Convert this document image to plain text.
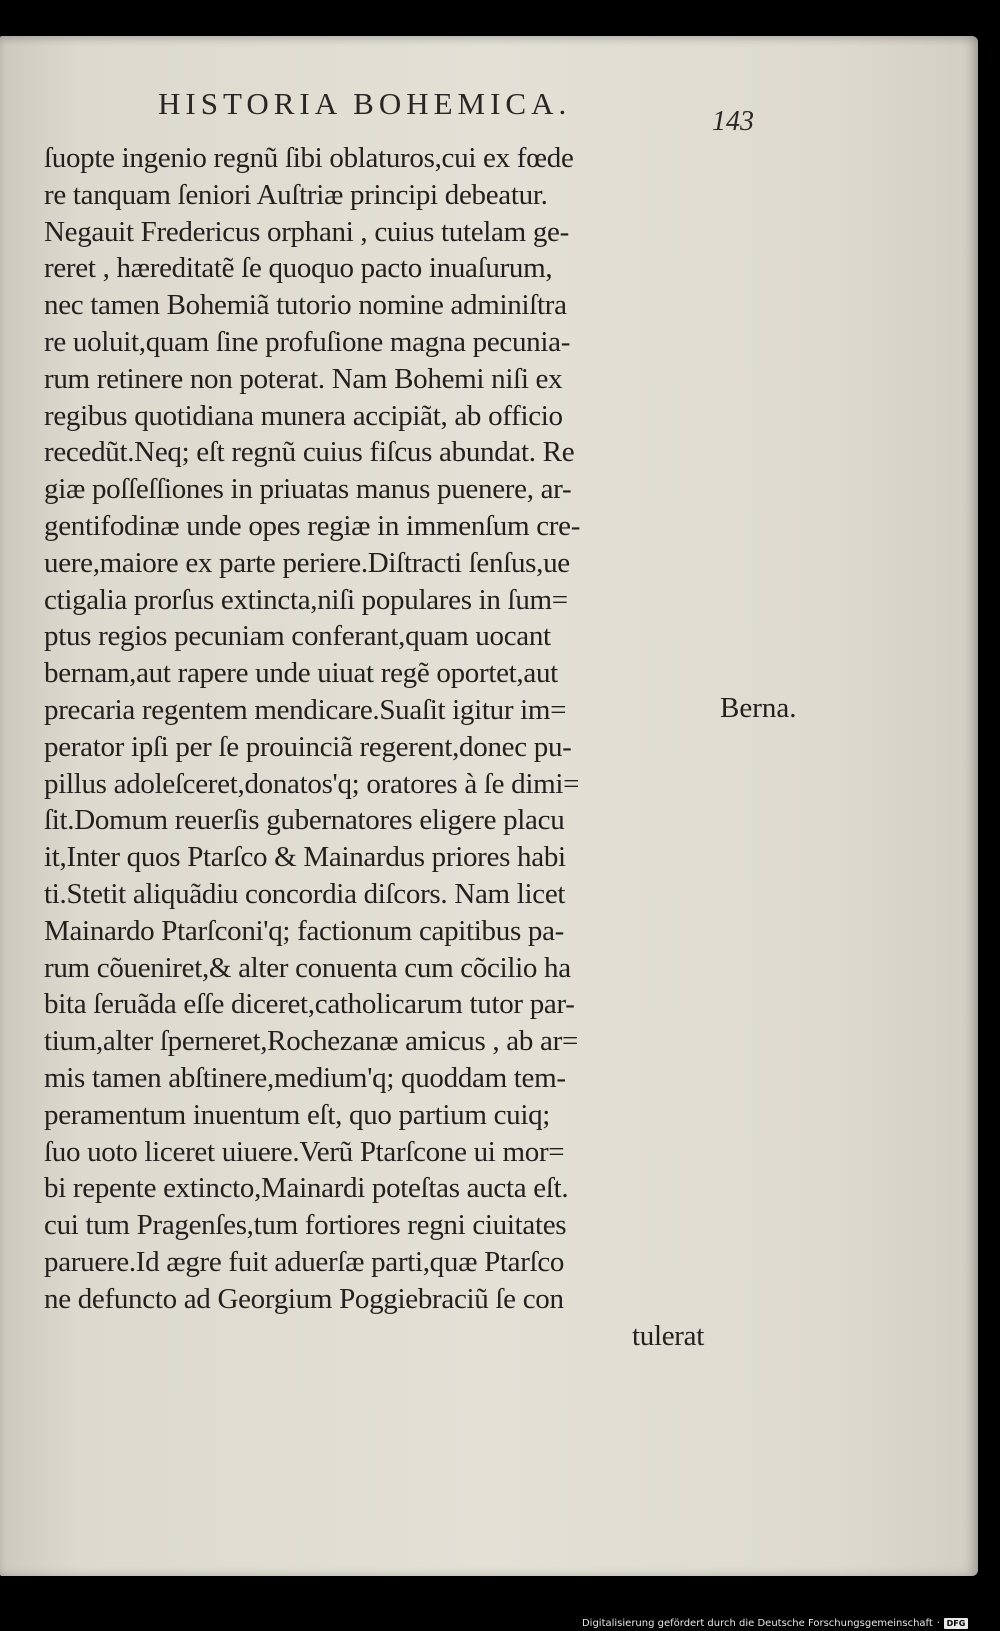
HISTORIA BOHEMICA.
143
ſuopte ingenio regnũ ſibi oblaturos,cui ex fœde
re tanquam ſeniori Auſtriæ principi debeatur.
Negauit Fredericus orphani , cuius tutelam ge-
reret , hæreditatẽ ſe quoquo pacto inuaſurum,
nec tamen Bohemiã tutorio nomine adminiſtra
re uoluit,quam ſine profuſione magna pecunia-
rum retinere non poterat. Nam Bohemi niſi ex
regibus quotidiana munera accipiãt, ab officio
recedũt.Neq; eſt regnũ cuius fiſcus abundat. Re
giæ poſſeſſiones in priuatas manus puenere, ar-
gentifodinæ unde opes regiæ in immenſum cre-
uere,maiore ex parte periere.Diſtracti ſenſus,ue
ctigalia prorſus extincta,niſi populares in ſum=
ptus regios pecuniam conferant,quam uocant
bernam,aut rapere unde uiuat regẽ oportet,aut
precaria regentem mendicare.Suaſit igitur im=
perator ipſi per ſe prouinciã regerent,donec pu-
pillus adoleſceret,donatos'q; oratores à ſe dimi=
ſit.Domum reuerſis gubernatores eligere placu
it,Inter quos Ptarſco & Mainardus priores habi
ti.Stetit aliquãdiu concordia diſcors. Nam licet
Mainardo Ptarſconi'q; factionum capitibus pa-
rum cõueniret,& alter conuenta cum cõcilio ha
bita ſeruãda eſſe diceret,catholicarum tutor par-
tium,alter ſperneret,Rochezanæ amicus , ab ar=
mis tamen abſtinere,medium'q; quoddam tem-
peramentum inuentum eſt, quo partium cuiq;
ſuo uoto liceret uiuere.Verũ Ptarſcone ui mor=
bi repente extincto,Mainardi poteſtas aucta eſt.
cui tum Pragenſes,tum fortiores regni ciuitates
paruere.Id ægre fuit aduerſæ parti,quæ Ptarſco
ne defuncto ad Georgium Poggiebraciũ ſe con
tulerat
Berna.
Digitalisierung gefördert durch die Deutsche Forschungsgemeinschaft · DFG
